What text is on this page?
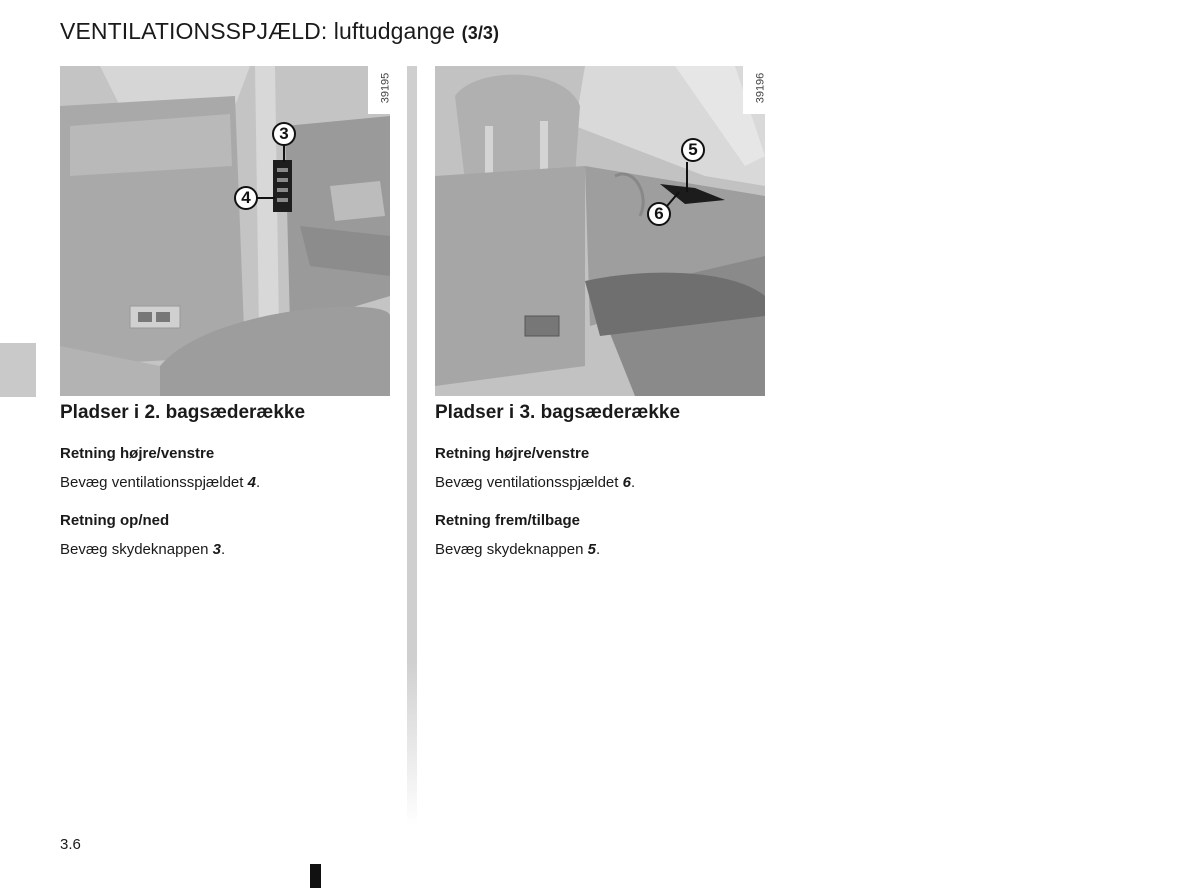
VENTILATIONSSPJÆLD: luftudgange (3/3)
39195
3
4
39196
5
6
Pladser i 2. bagsæderække
Retning højre/venstre

Bevæg ventilationsspjældet 4.

Retning op/ned

Bevæg skydeknappen 3.

Pladser i 3. bagsæderække
Retning højre/venstre

Bevæg ventilationsspjældet 6.

Retning frem/tilbage

Bevæg skydeknappen 5.

3.6
